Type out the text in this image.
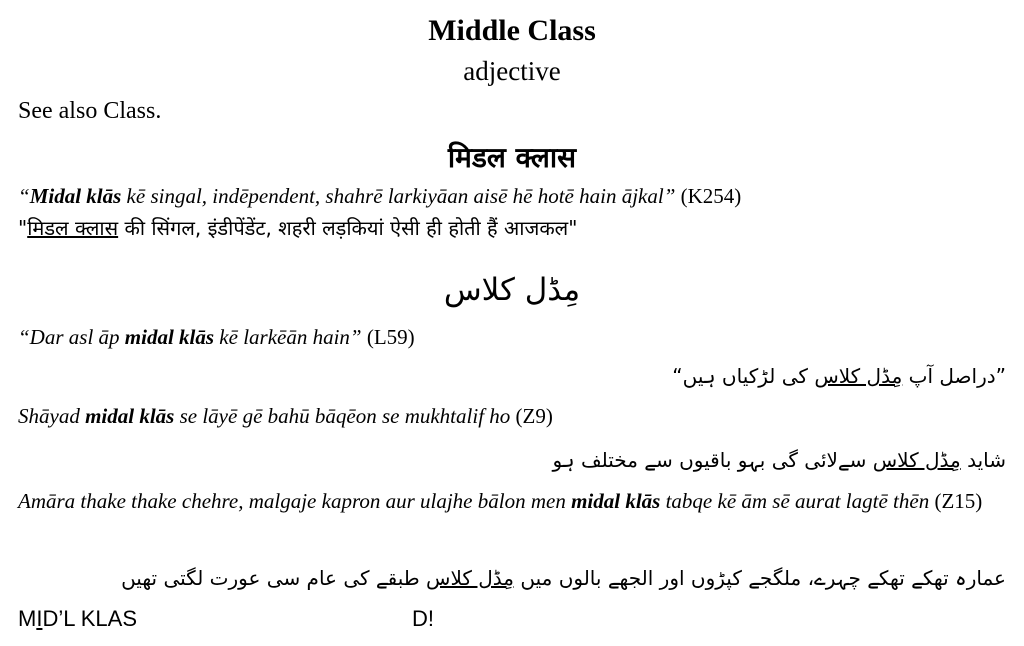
Middle Class
adjective
See also Class.
मिडल क्लास
“Midal klās kē singal, indēpendent, shahrē larkiyāan aisē hē hotē hain ājkal” (K254)
"मिडल क्लास की सिंगल, इंडीपेंडेंट, शहरी लड़कियां ऐसी ही होती हैं आजकल"
مِڈل کلاس
“Dar asl āp midal klās kē larkēān hain” (L59)
”دراصل آپ مِڈل کلاس کی لڑکیاں ہیں“
Shāyad midal klās se lāyē gē bahū bāqēon se mukhtalif ho (Z9)
شاید مِڈل کلاس سےلائی گی بہو باقیوں سے مختلف ہو
Amāra thake thake chehre, malgaje kapron aur ulajhe bālon men midal klās tabqe kē ām sē aurat lagtē thēn (Z15)
عمارہ تھکے تھکے چہرے، ملگجے کپڑوں اور الجھے بالوں میں مِڈل کلاس طبقے کی عام سی عورت لگتی تھیں
MID’L KLAS	D!
